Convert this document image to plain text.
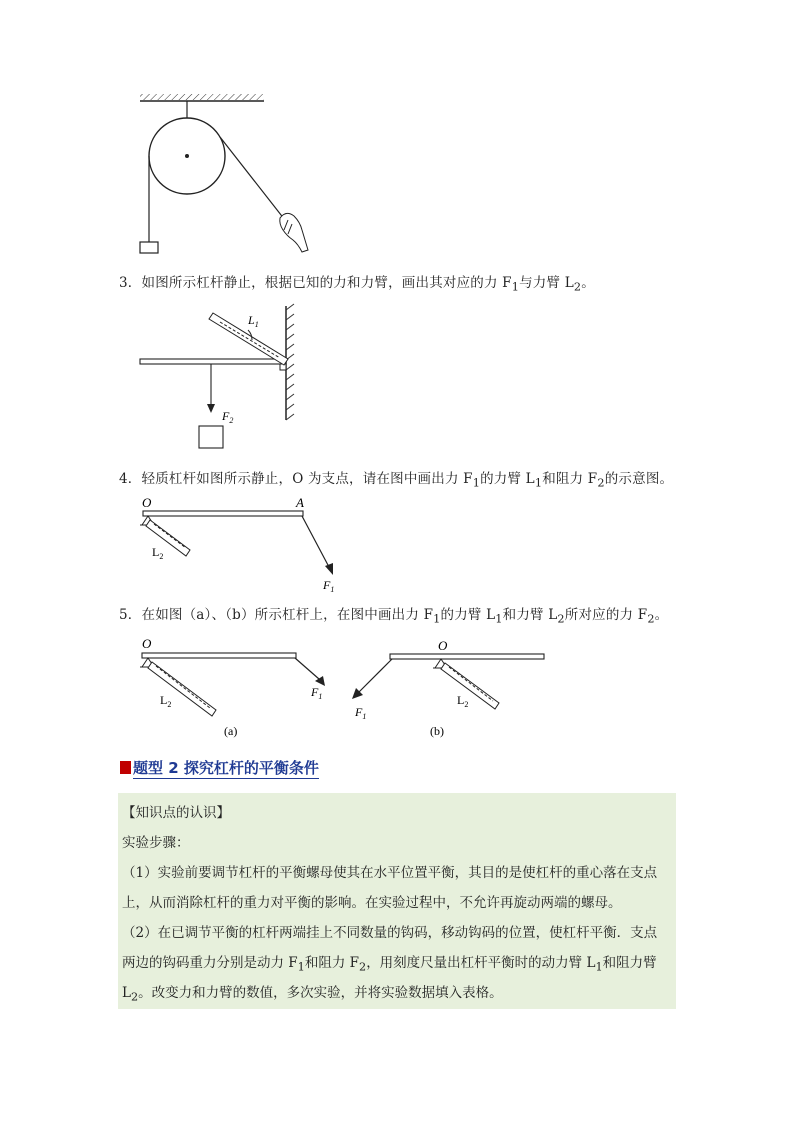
3．如图所示杠杆静止，根据已知的力和力臂，画出其对应的力 $F_1$与力臂 $L_2$。
$L_1$
$F_2$
4．轻质杠杆如图所示静止，O 为支点，请在图中画出力 $F_1$的力臂 $L_1$和阻力 $F_2$的示意图。
O	A
$L_2$
$F_1$
5．在如图（a）、（b）所示杠杆上，在图中画出力 $F_1$的力臂 $L_1$和力臂 $L_2$所对应的力 $F_2$。
O
$L_2$
$F_1$
(a)
O
$L_2$
$F_1$
(b)
题型 2 探究杠杆的平衡条件
【知识点的认识】
实验步骤：
（1）实验前要调节杠杆的平衡螺母使其在水平位置平衡，其目的是使杠杆的重心落在支点
上，从而消除杠杆的重力对平衡的影响。在实验过程中，不允许再旋动两端的螺母。
（2）在已调节平衡的杠杆两端挂上不同数量的钩码，移动钩码的位置，使杠杆平衡．支点
两边的钩码重力分别是动力 $F_1$和阻力 $F_2$，用刻度尺量出杠杆平衡时的动力臂 $L_1$和阻力臂
$L_2$。改变力和力臂的数值，多次实验，并将实验数据填入表格。
